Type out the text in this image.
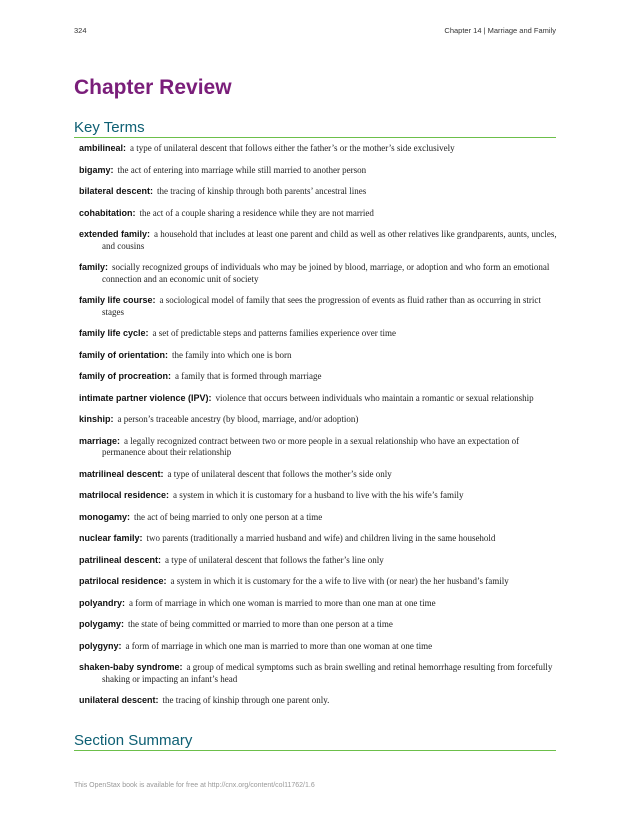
324	Chapter 14 | Marriage and Family
Chapter Review
Key Terms
ambilineal: a type of unilateral descent that follows either the father’s or the mother’s side exclusively
bigamy: the act of entering into marriage while still married to another person
bilateral descent: the tracing of kinship through both parents’ ancestral lines
cohabitation: the act of a couple sharing a residence while they are not married
extended family: a household that includes at least one parent and child as well as other relatives like grandparents, aunts, uncles, and cousins
family: socially recognized groups of individuals who may be joined by blood, marriage, or adoption and who form an emotional connection and an economic unit of society
family life course: a sociological model of family that sees the progression of events as fluid rather than as occurring in strict stages
family life cycle: a set of predictable steps and patterns families experience over time
family of orientation: the family into which one is born
family of procreation: a family that is formed through marriage
intimate partner violence (IPV): violence that occurs between individuals who maintain a romantic or sexual relationship
kinship: a person’s traceable ancestry (by blood, marriage, and/or adoption)
marriage: a legally recognized contract between two or more people in a sexual relationship who have an expectation of permanence about their relationship
matrilineal descent: a type of unilateral descent that follows the mother’s side only
matrilocal residence: a system in which it is customary for a husband to live with the his wife’s family
monogamy: the act of being married to only one person at a time
nuclear family: two parents (traditionally a married husband and wife) and children living in the same household
patrilineal descent: a type of unilateral descent that follows the father’s line only
patrilocal residence: a system in which it is customary for the a wife to live with (or near) the her husband’s family
polyandry: a form of marriage in which one woman is married to more than one man at one time
polygamy: the state of being committed or married to more than one person at a time
polygyny: a form of marriage in which one man is married to more than one woman at one time
shaken-baby syndrome: a group of medical symptoms such as brain swelling and retinal hemorrhage resulting from forcefully shaking or impacting an infant’s head
unilateral descent: the tracing of kinship through one parent only.
Section Summary
This OpenStax book is available for free at http://cnx.org/content/col11762/1.6
